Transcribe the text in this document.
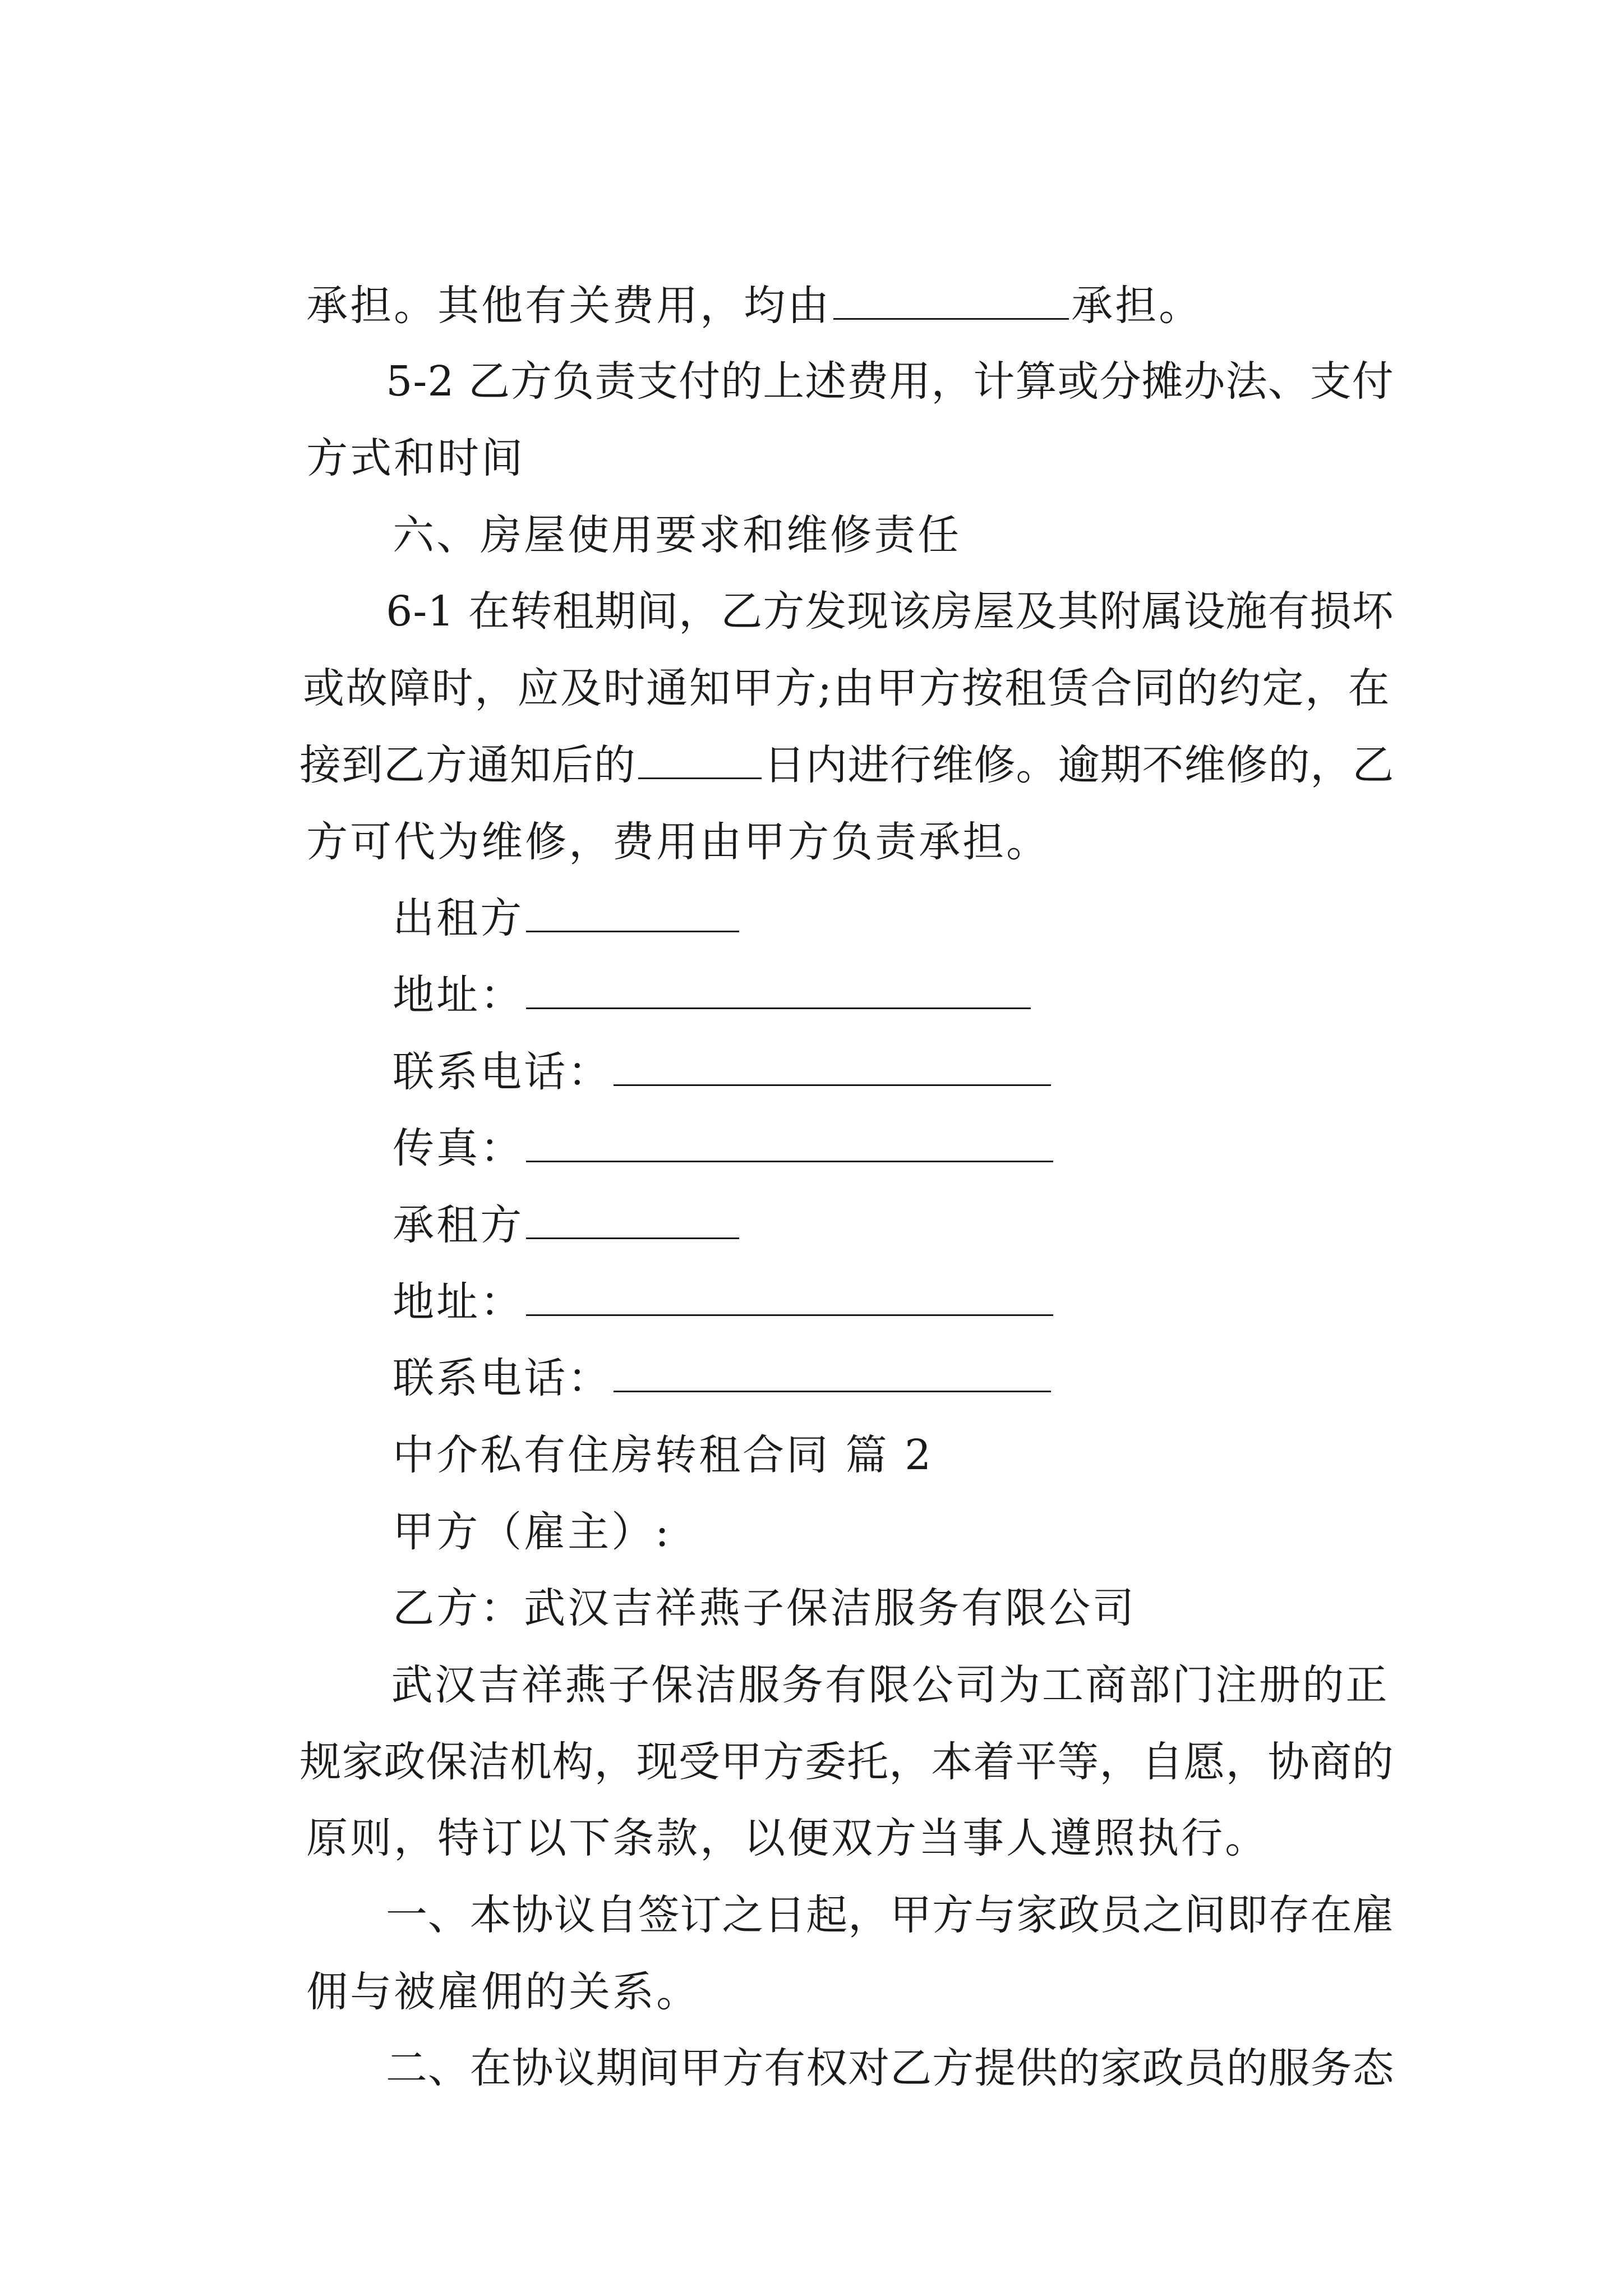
承担。其他有关费用，均由	承担。

5-2 乙方负责支付的上述费用，计算或分摊办法、支付

方式和时间

六、房屋使用要求和维修责任

6-1 在转租期间，乙方发现该房屋及其附属设施有损坏

或故障时，应及时通知甲方;由甲方按租赁合同的约定，在

接到乙方通知后的	日内进行维修。逾期不维修的，乙

方可代为维修，费用由甲方负责承担。

出租方

地址：

联系电话：

传真：

承租方

地址：

联系电话：

中介私有住房转租合同 篇 2

甲方（雇主）:

乙方：武汉吉祥燕子保洁服务有限公司

武汉吉祥燕子保洁服务有限公司为工商部门注册的正

规家政保洁机构，现受甲方委托，本着平等，自愿，协商的

原则，特订以下条款，以便双方当事人遵照执行。

一、本协议自签订之日起，甲方与家政员之间即存在雇

佣与被雇佣的关系。

二、在协议期间甲方有权对乙方提供的家政员的服务态
